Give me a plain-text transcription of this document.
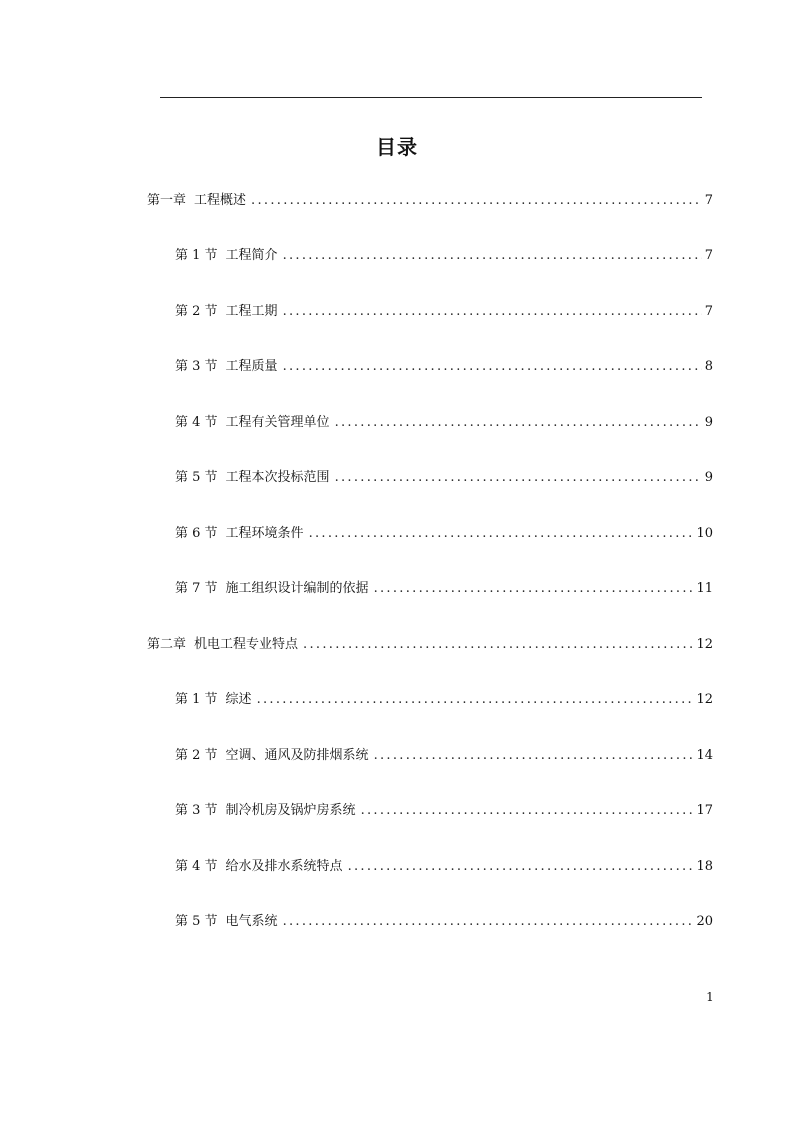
目录
第一章 工程概述 .....	7
第 1 节 工程简介 .....	7
第 2 节 工程工期 .....	7
第 3 节 工程质量 .....	8
第 4 节 工程有关管理单位 .....	9
第 5 节 工程本次投标范围 .....	9
第 6 节 工程环境条件 .....	10
第 7 节 施工组织设计编制的依据 .....	11
第二章 机电工程专业特点 .....	12
第 1 节 综述 .....	12
第 2 节 空调、通风及防排烟系统 .....	14
第 3 节 制冷机房及锅炉房系统 .....	17
第 4 节 给水及排水系统特点 .....	18
第 5 节 电气系统 .....	20
1
